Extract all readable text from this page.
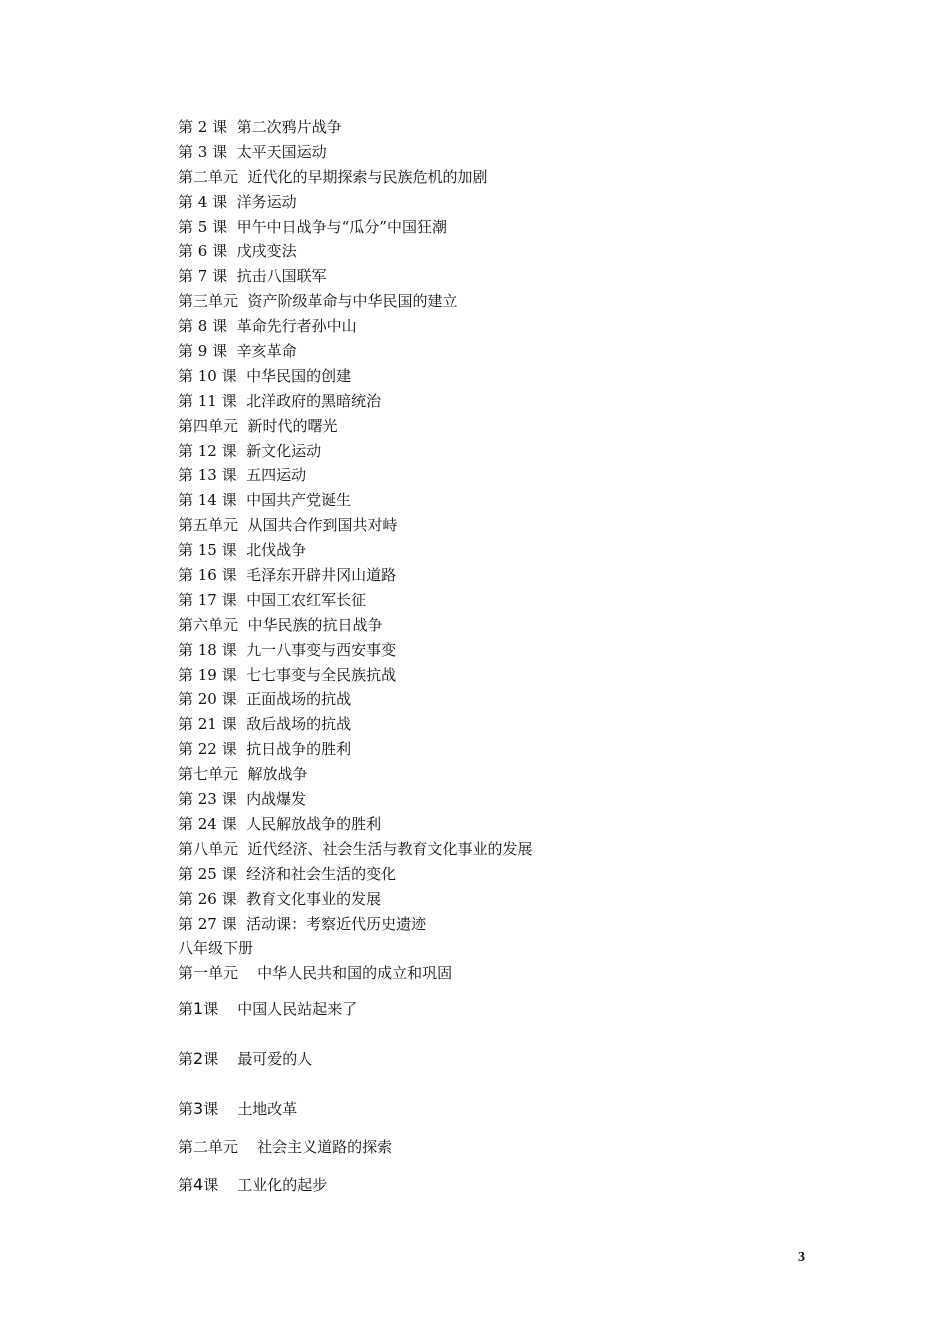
第 2 课  第二次鸦片战争
第 3 课  太平天国运动
第二单元  近代化的早期探索与民族危机的加剧
第 4 课  洋务运动
第 5 课  甲午中日战争与“瓜分”中国狂潮
第 6 课  戊戌变法
第 7 课  抗击八国联军
第三单元  资产阶级革命与中华民国的建立
第 8 课  革命先行者孙中山
第 9 课  辛亥革命
第 10 课  中华民国的创建
第 11 课  北洋政府的黑暗统治
第四单元  新时代的曙光
第 12 课  新文化运动
第 13 课  五四运动
第 14 课  中国共产党诞生
第五单元  从国共合作到国共对峙
第 15 课  北伐战争
第 16 课  毛泽东开辟井冈山道路
第 17 课  中国工农红军长征
第六单元  中华民族的抗日战争
第 18 课  九一八事变与西安事变
第 19 课  七七事变与全民族抗战
第 20 课  正面战场的抗战
第 21 课  敌后战场的抗战
第 22 课  抗日战争的胜利
第七单元  解放战争
第 23 课  内战爆发
第 24 课  人民解放战争的胜利
第八单元  近代经济、社会生活与教育文化事业的发展
第 25 课  经济和社会生活的变化
第 26 课  教育文化事业的发展
第 27 课  活动课：考察近代历史遗迹
八年级下册
第一单元    中华人民共和国的成立和巩固
第1课    中国人民站起来了
第2课    最可爱的人
第3课    土地改革
第二单元    社会主义道路的探索
第4课    工业化的起步
3
